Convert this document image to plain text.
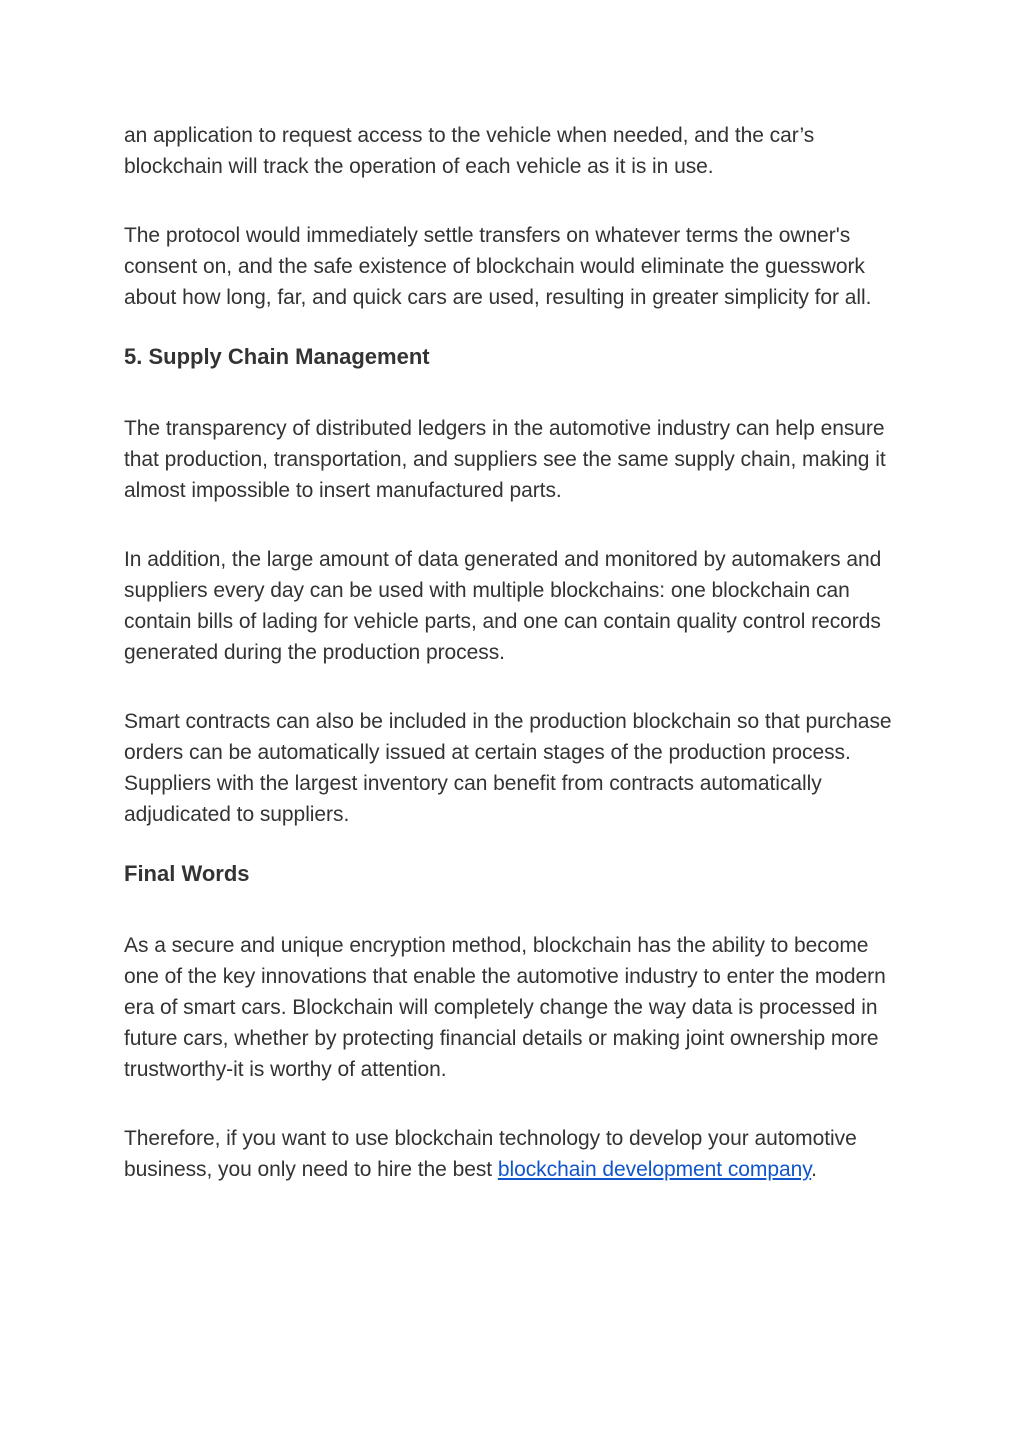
an application to request access to the vehicle when needed, and the car’s blockchain will track the operation of each vehicle as it is in use.

The protocol would immediately settle transfers on whatever terms the owner's consent on, and the safe existence of blockchain would eliminate the guesswork about how long, far, and quick cars are used, resulting in greater simplicity for all.

5. Supply Chain Management

The transparency of distributed ledgers in the automotive industry can help ensure that production, transportation, and suppliers see the same supply chain, making it almost impossible to insert manufactured parts.

In addition, the large amount of data generated and monitored by automakers and suppliers every day can be used with multiple blockchains: one blockchain can contain bills of lading for vehicle parts, and one can contain quality control records generated during the production process.

Smart contracts can also be included in the production blockchain so that purchase orders can be automatically issued at certain stages of the production process. Suppliers with the largest inventory can benefit from contracts automatically adjudicated to suppliers.

Final Words

As a secure and unique encryption method, blockchain has the ability to become one of the key innovations that enable the automotive industry to enter the modern era of smart cars. Blockchain will completely change the way data is processed in future cars, whether by protecting financial details or making joint ownership more trustworthy-it is worthy of attention.

Therefore, if you want to use blockchain technology to develop your automotive business, you only need to hire the best blockchain development company.
